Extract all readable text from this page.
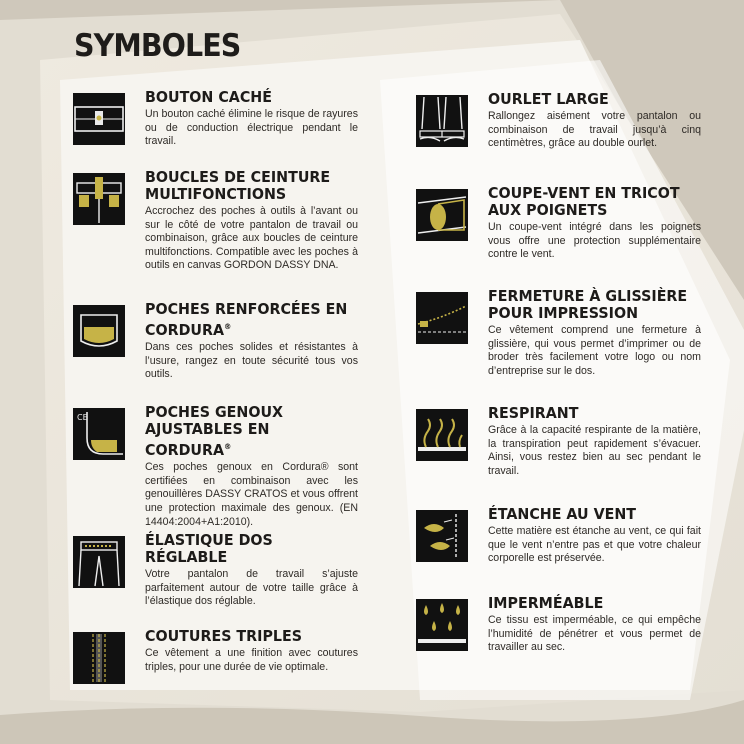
SYMBOLES
BOUTON CACHÉ

Un bouton caché élimine le risque de rayures ou de conduction électrique pendant le travail.

BOUCLES DE CEINTURE MULTIFONCTIONS

Accrochez des poches à outils à l’avant ou sur le côté de votre pantalon de travail ou combinaison, grâce aux boucles de ceinture multifonctions. Compatible avec les poches à outils en canvas GORDON DASSY DNA.

POCHES RENFORCÉES EN CORDURA®

Dans ces poches solides et résistantes à l’usure, rangez en toute sécurité tous vos outils.

CE	POCHES GENOUX AJUSTABLES EN CORDURA®

Ces poches genoux en Cordura® sont certifiées en combinaison avec les genouillères DASSY CRATOS et vous offrent une protection maximale des genoux. (EN 14404:2004+A1:2010).

ÉLASTIQUE DOS RÉGLABLE

Votre pantalon de travail s’ajuste parfaitement autour de votre taille grâce à l’élastique dos réglable.

COUTURES TRIPLES

Ce vêtement a une finition avec coutures triples, pour une durée de vie optimale.

OURLET LARGE

Rallongez aisément votre pantalon ou combinaison de travail jusqu’à cinq centimètres, grâce au double ourlet.

COUPE-VENT EN TRICOT AUX POIGNETS

Un coupe-vent intégré dans les poignets vous offre une protection supplémentaire contre le vent.

FERMETURE À GLISSIÈRE POUR IMPRESSION

Ce vêtement comprend une fermeture à glissière, qui vous permet d’imprimer ou de broder très facilement votre logo ou nom d’entreprise sur le dos.

RESPIRANT

Grâce à la capacité respirante de la matière, la transpiration peut rapidement s’évacuer. Ainsi, vous restez bien au sec pendant le travail.

ÉTANCHE AU VENT

Cette matière est étanche au vent, ce qui fait que le vent n’entre pas et que votre chaleur corporelle est préservée.

IMPERMÉABLE

Ce tissu est imperméable, ce qui empêche l’humidité de pénétrer et vous permet de travailler au sec.
